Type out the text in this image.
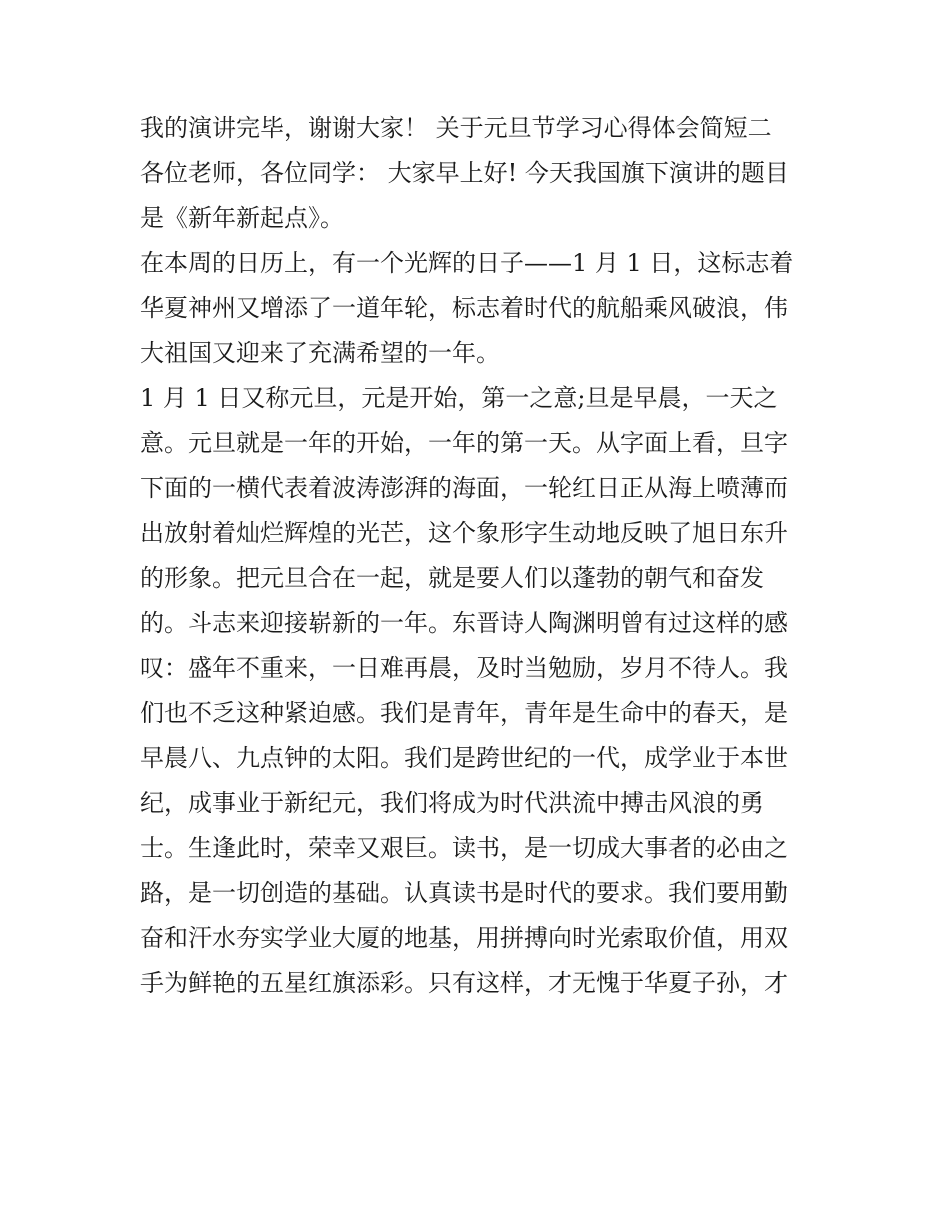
我的演讲完毕，谢谢大家！ 关于元旦节学习心得体会简短二
各位老师，各位同学： 大家早上好! 今天我国旗下演讲的题目
是《新年新起点》。
在本周的日历上，有一个光辉的日子——1 月 1 日，这标志着
华夏神州又增添了一道年轮，标志着时代的航船乘风破浪，伟
大祖国又迎来了充满希望的一年。
1 月 1 日又称元旦，元是开始，第一之意;旦是早晨，一天之
意。元旦就是一年的开始，一年的第一天。从字面上看，旦字
下面的一横代表着波涛澎湃的海面，一轮红日正从海上喷薄而
出放射着灿烂辉煌的光芒，这个象形字生动地反映了旭日东升
的形象。把元旦合在一起，就是要人们以蓬勃的朝气和奋发
的。斗志来迎接崭新的一年。东晋诗人陶渊明曾有过这样的感
叹：盛年不重来，一日难再晨，及时当勉励，岁月不待人。我
们也不乏这种紧迫感。我们是青年，青年是生命中的春天，是
早晨八、九点钟的太阳。我们是跨世纪的一代，成学业于本世
纪，成事业于新纪元，我们将成为时代洪流中搏击风浪的勇
士。生逢此时，荣幸又艰巨。读书，是一切成大事者的必由之
路，是一切创造的基础。认真读书是时代的要求。我们要用勤
奋和汗水夯实学业大厦的地基，用拼搏向时光索取价值，用双
手为鲜艳的五星红旗添彩。只有这样，才无愧于华夏子孙，才
